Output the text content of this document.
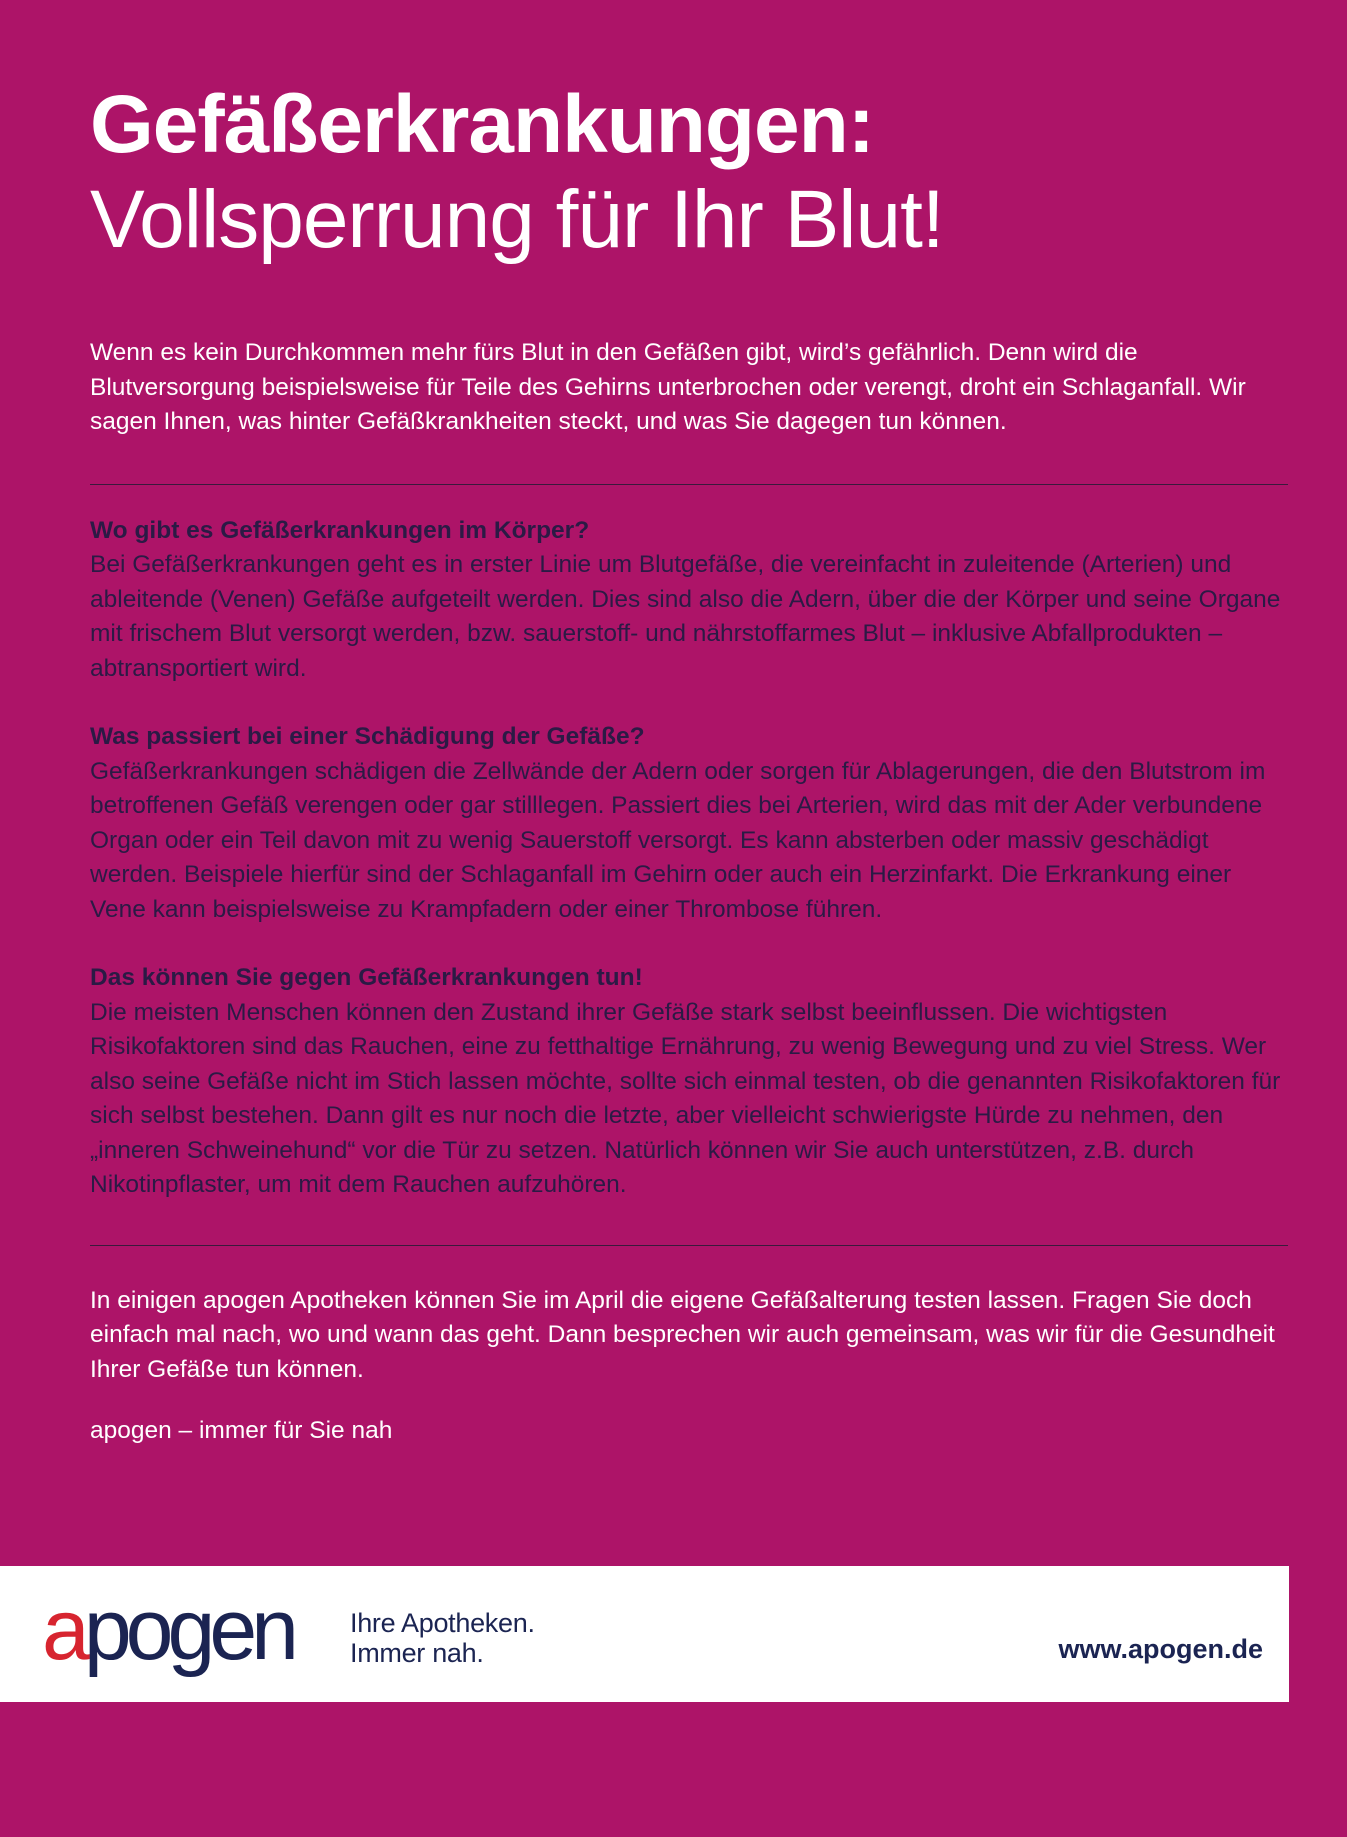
Gefäßerkrankungen:
Vollsperrung für Ihr Blut!

Wenn es kein Durchkommen mehr fürs Blut in den Gefäßen gibt, wird’s gefährlich. Denn wird die Blutversorgung beispielsweise für Teile des Gehirns unterbrochen oder verengt, droht ein Schlaganfall. Wir sagen Ihnen, was hinter Gefäßkrankheiten steckt, und was Sie dagegen tun können.

Wo gibt es Gefäßerkrankungen im Körper?

Bei Gefäßerkrankungen geht es in erster Linie um Blutgefäße, die vereinfacht in zuleitende (Arterien) und ableitende (Venen) Gefäße aufgeteilt werden. Dies sind also die Adern, über die der Körper und seine Organe mit frischem Blut versorgt werden, bzw. sauerstoff- und nährstoffarmes Blut – inklusive Abfallprodukten – abtransportiert wird.

Was passiert bei einer Schädigung der Gefäße?

Gefäßerkrankungen schädigen die Zellwände der Adern oder sorgen für Ablagerungen, die den Blutstrom im betroffenen Gefäß verengen oder gar stilllegen. Passiert dies bei Arterien, wird das mit der Ader verbundene Organ oder ein Teil davon mit zu wenig Sauerstoff versorgt. Es kann absterben oder massiv geschädigt werden. Beispiele hierfür sind der Schlaganfall im Gehirn oder auch ein Herzinfarkt. Die Erkrankung einer Vene kann beispielsweise zu Krampfadern oder einer Thrombose führen.

Das können Sie gegen Gefäßerkrankungen tun!

Die meisten Menschen können den Zustand ihrer Gefäße stark selbst beeinflussen. Die wichtigsten Risikofaktoren sind das Rauchen, eine zu fetthaltige Ernährung, zu wenig Bewegung und zu viel Stress. Wer also seine Gefäße nicht im Stich lassen möchte, sollte sich einmal testen, ob die genannten Risikofaktoren für sich selbst bestehen. Dann gilt es nur noch die letzte, aber vielleicht schwierigste Hürde zu nehmen, den „inneren Schweinehund“ vor die Tür zu setzen. Natürlich können wir Sie auch unterstützen, z.B. durch Nikotinpflaster, um mit dem Rauchen aufzuhören.

In einigen apogen Apotheken können Sie im April die eigene Gefäßalterung testen lassen. Fragen Sie doch einfach mal nach, wo und wann das geht. Dann besprechen wir auch gemeinsam, was wir für die Gesundheit Ihrer Gefäße tun können.

apogen – immer für Sie nah

apogen Ihre Apotheken.
Immer nah.	www.apogen.de
